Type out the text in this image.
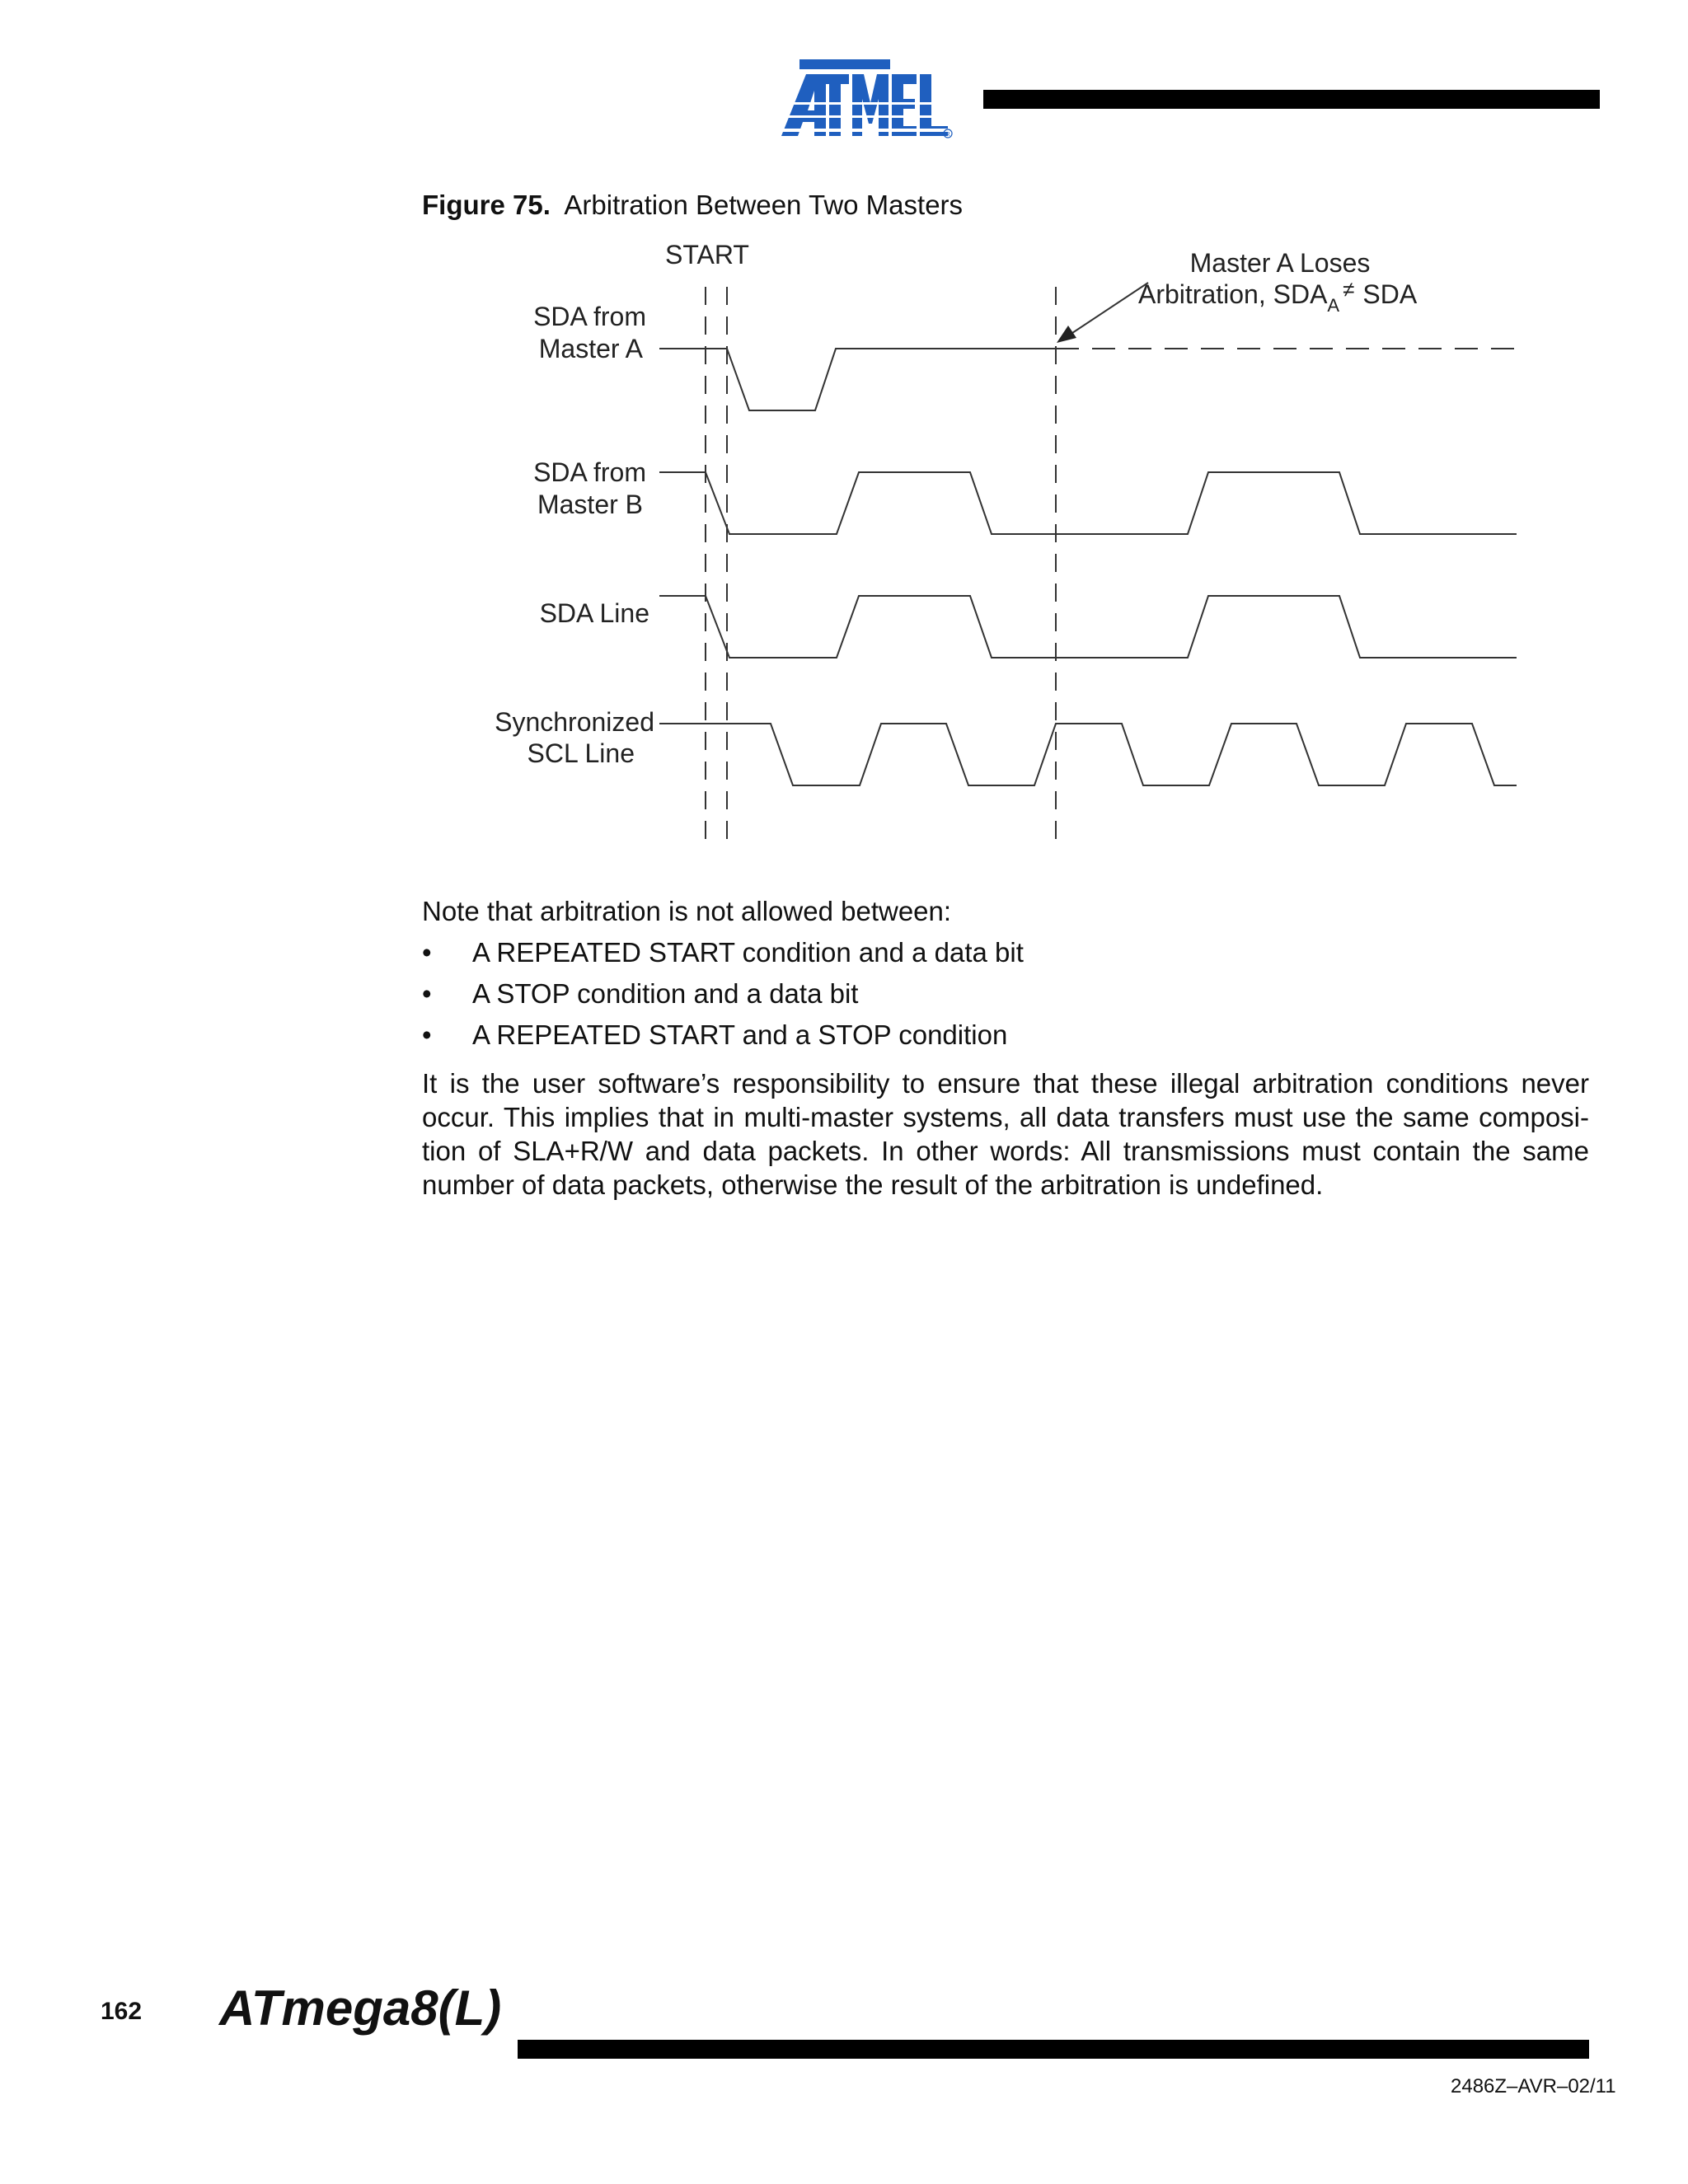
R
Figure 75. Arbitration Between Two Masters
START	Master A Loses
Arbitration, $SDA_A^\ne$ SDA
SDA from
Master A
SDA from
Master B
SDA Line
Synchronized
SCL Line
Note that arbitration is not allowed between:
• A REPEATED START condition and a data bit
• A STOP condition and a data bit
• A REPEATED START and a STOP condition
It is the user software’s responsibility to ensure that these illegal arbitration conditions never occur. This implies that in multi-master systems, all data transfers must use the same composi- tion of SLA+R/W and data packets. In other words: All transmissions must contain the same number of data packets, otherwise the result of the arbitration is undefined.
162 ATmega8(L)
2486Z–AVR–02/11
